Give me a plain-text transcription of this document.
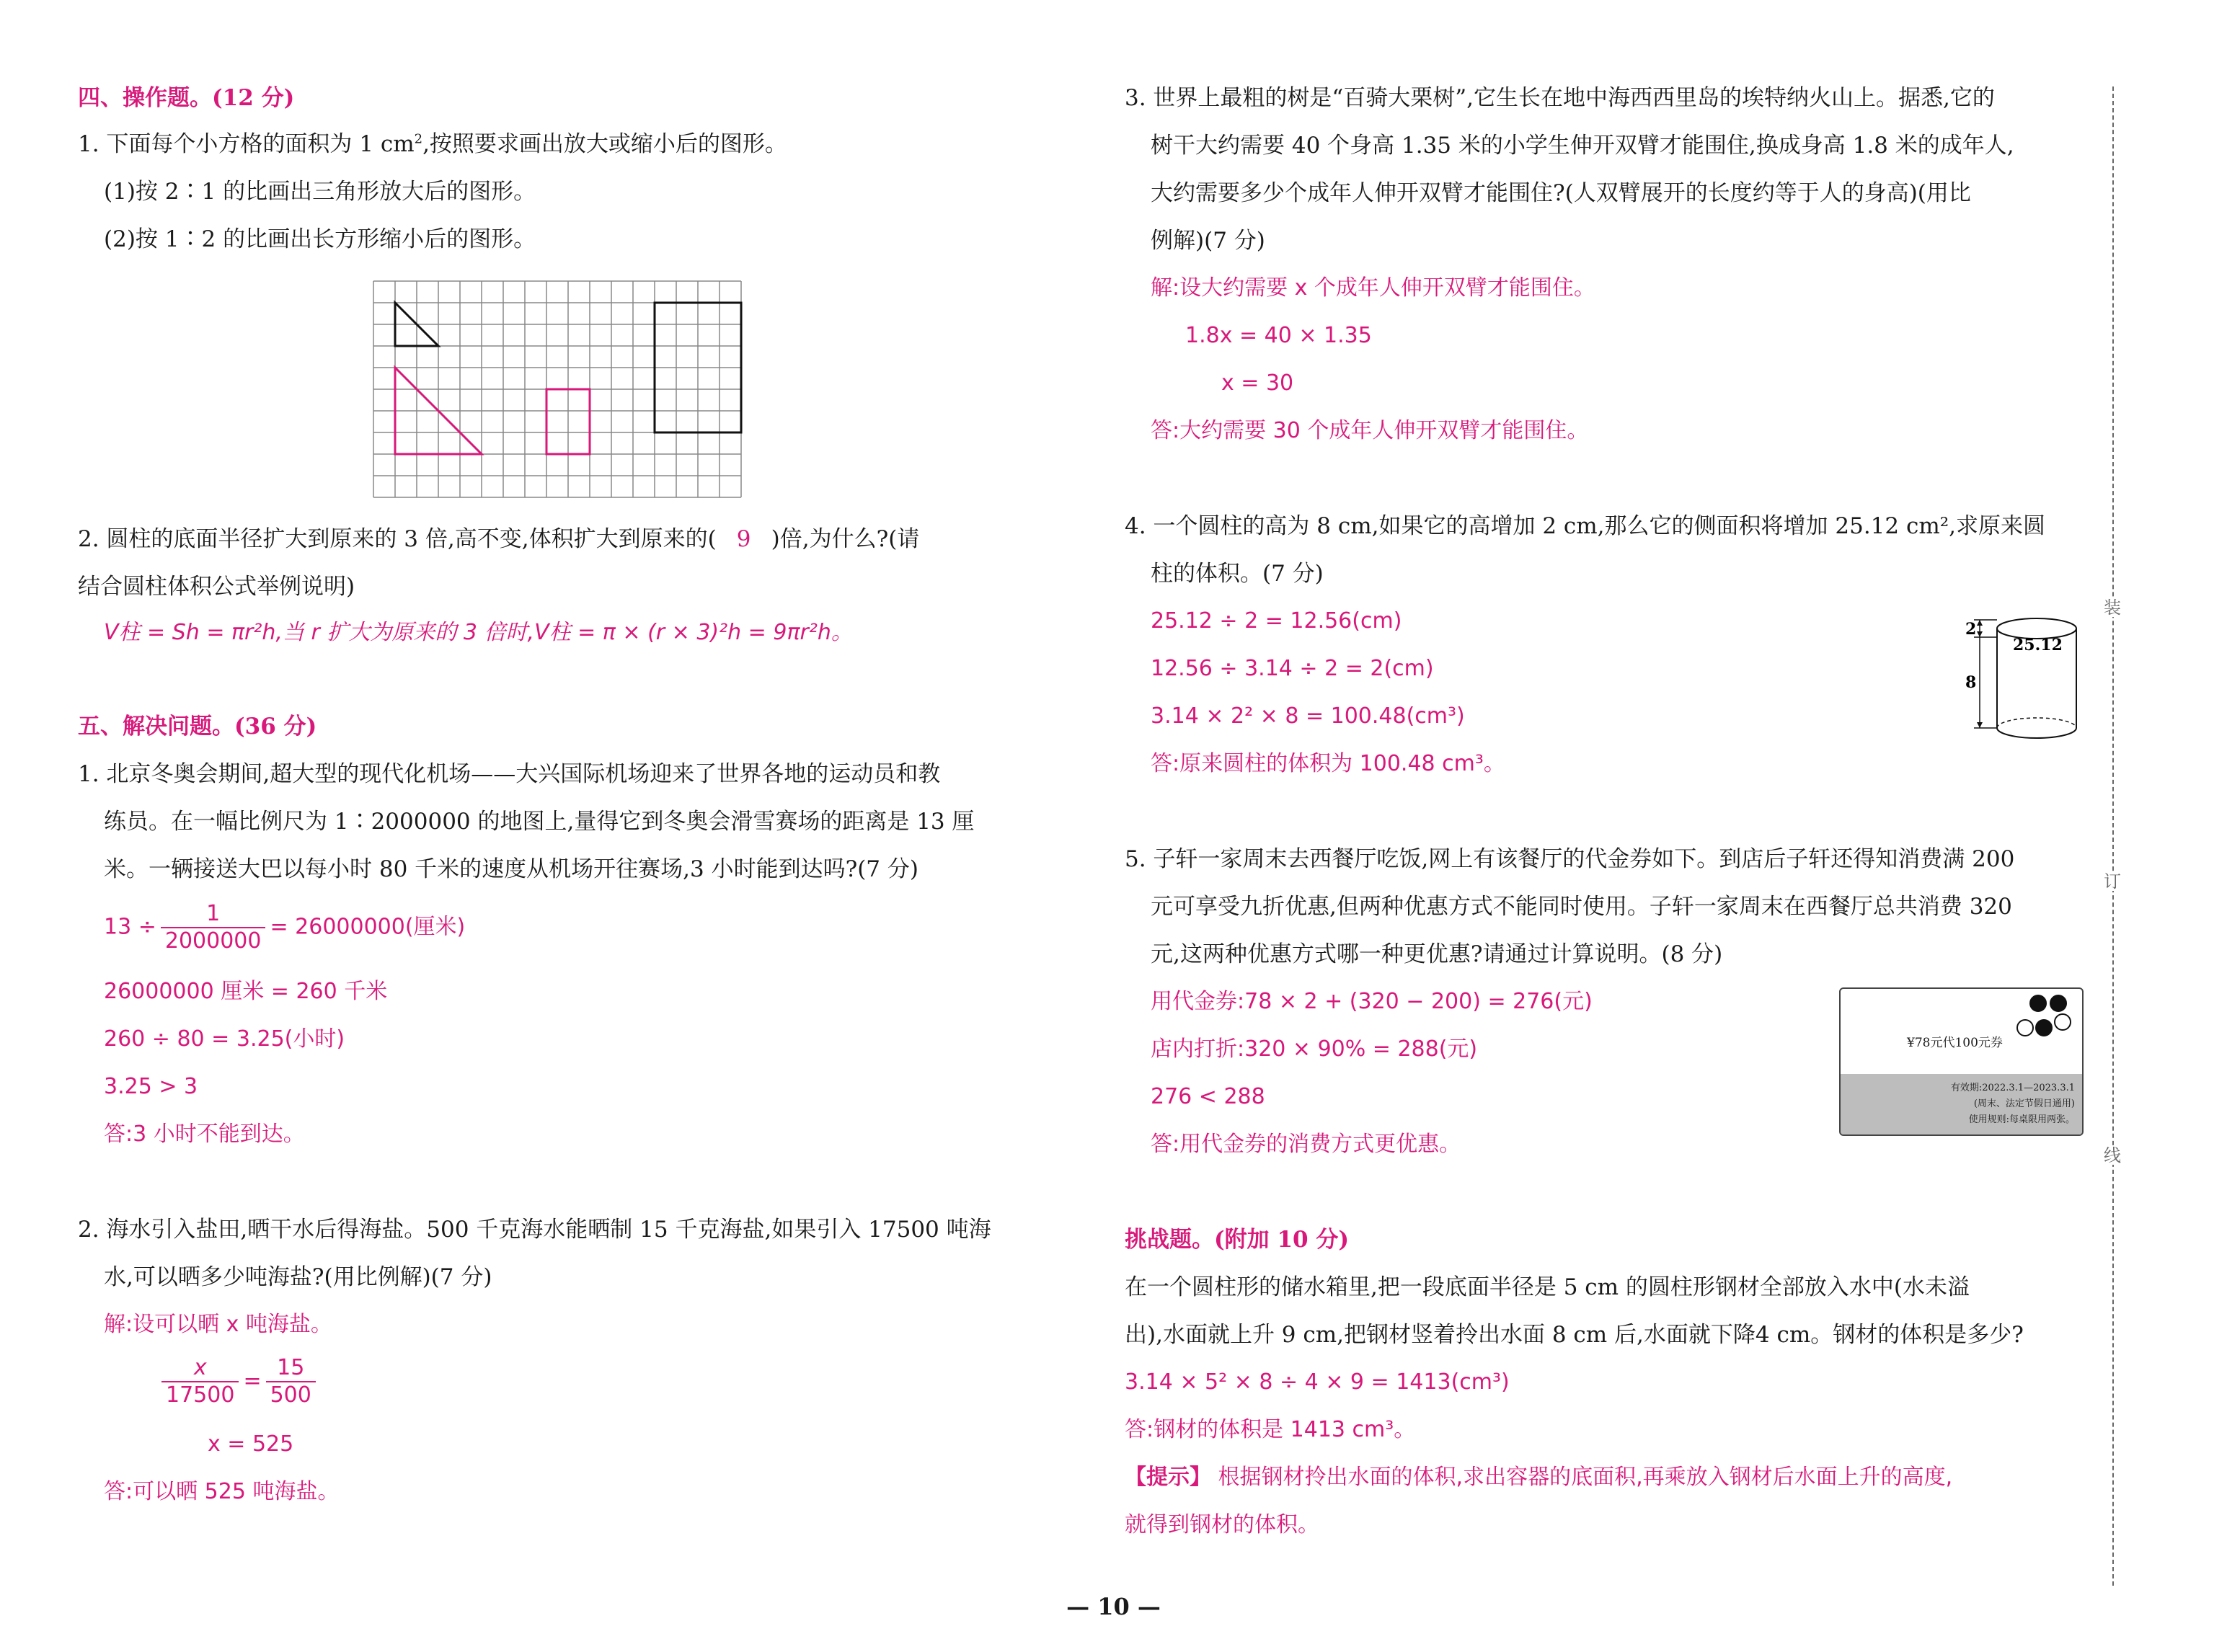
四、操作题。(12 分)
1. 下面每个小方格的面积为 1 $cm^2$,按照要求画出放大或缩小后的图形。
(1)按 2∶1 的比画出三角形放大后的图形。
(2)按 1∶2 的比画出长方形缩小后的图形。
2. 圆柱的底面半径扩大到原来的 3 倍,高不变,体积扩大到原来的( 9 )倍,为什么?(请
结合圆柱体积公式举例说明)
V柱 = Sh = πr²h,当 r 扩大为原来的 3 倍时,V柱 = π × (r × 3)²h = 9πr²h。
五、解决问题。(36 分)
1. 北京冬奥会期间,超大型的现代化机场——大兴国际机场迎来了世界各地的运动员和教
练员。在一幅比例尺为 1∶2000000 的地图上,量得它到冬奥会滑雪赛场的距离是 13 厘
米。一辆接送大巴以每小时 80 千米的速度从机场开往赛场,3 小时能到达吗?(7 分)
$13 \div \frac{1}{2000000} = 26000000$(厘米)
26000000 厘米 = 260 千米
260 ÷ 80 = 3.25(小时)
3.25 > 3
答:3 小时不能到达。
2. 海水引入盐田,晒干水后得海盐。500 千克海水能晒制 15 千克海盐,如果引入 17500 吨海
水,可以晒多少吨海盐?(用比例解)(7 分)
解:设可以晒 x 吨海盐。
$\frac{x}{17500} = \frac{15}{500}$
x = 525
答:可以晒 525 吨海盐。
3. 世界上最粗的树是“百骑大栗树”,它生长在地中海西西里岛的埃特纳火山上。据悉,它的
树干大约需要 40 个身高 1.35 米的小学生伸开双臂才能围住,换成身高 1.8 米的成年人,
大约需要多少个成年人伸开双臂才能围住?(人双臂展开的长度约等于人的身高)(用比
例解)(7 分)
解:设大约需要 x 个成年人伸开双臂才能围住。
1.8x = 40 × 1.35
x = 30
答:大约需要 30 个成年人伸开双臂才能围住。
4. 一个圆柱的高为 8 cm,如果它的高增加 2 cm,那么它的侧面积将增加 25.12 cm²,求原来圆
柱的体积。(7 分)
25.12 ÷ 2 = 12.56(cm)
12.56 ÷ 3.14 ÷ 2 = 2(cm)
3.14 × 2² × 8 = 100.48(cm³)
答:原来圆柱的体积为 100.48 cm³。
5. 子轩一家周末去西餐厅吃饭,网上有该餐厅的代金券如下。到店后子轩还得知消费满 200
元可享受九折优惠,但两种优惠方式不能同时使用。子轩一家周末在西餐厅总共消费 320
元,这两种优惠方式哪一种更优惠?请通过计算说明。(8 分)
用代金券:78 × 2 + (320 − 200) = 276(元)
店内打折:320 × 90% = 288(元)
276 < 288
答:用代金券的消费方式更优惠。
挑战题。(附加 10 分)
在一个圆柱形的储水箱里,把一段底面半径是 5 cm 的圆柱形钢材全部放入水中(水未溢
出),水面就上升 9 cm,把钢材竖着拎出水面 8 cm 后,水面就下降4 cm。钢材的体积是多少?
3.14 × 5² × 8 ÷ 4 × 9 = 1413(cm³)
答:钢材的体积是 1413 cm³。
【提示】 根据钢材拎出水面的体积,求出容器的底面积,再乘放入钢材后水面上升的高度,
就得到钢材的体积。
2
25.12
8
¥78元代100元券
有效期:2022.3.1—2023.3.1
(周末、法定节假日通用)
使用规则:每桌限用两张。
装
订
线
— 10 —
